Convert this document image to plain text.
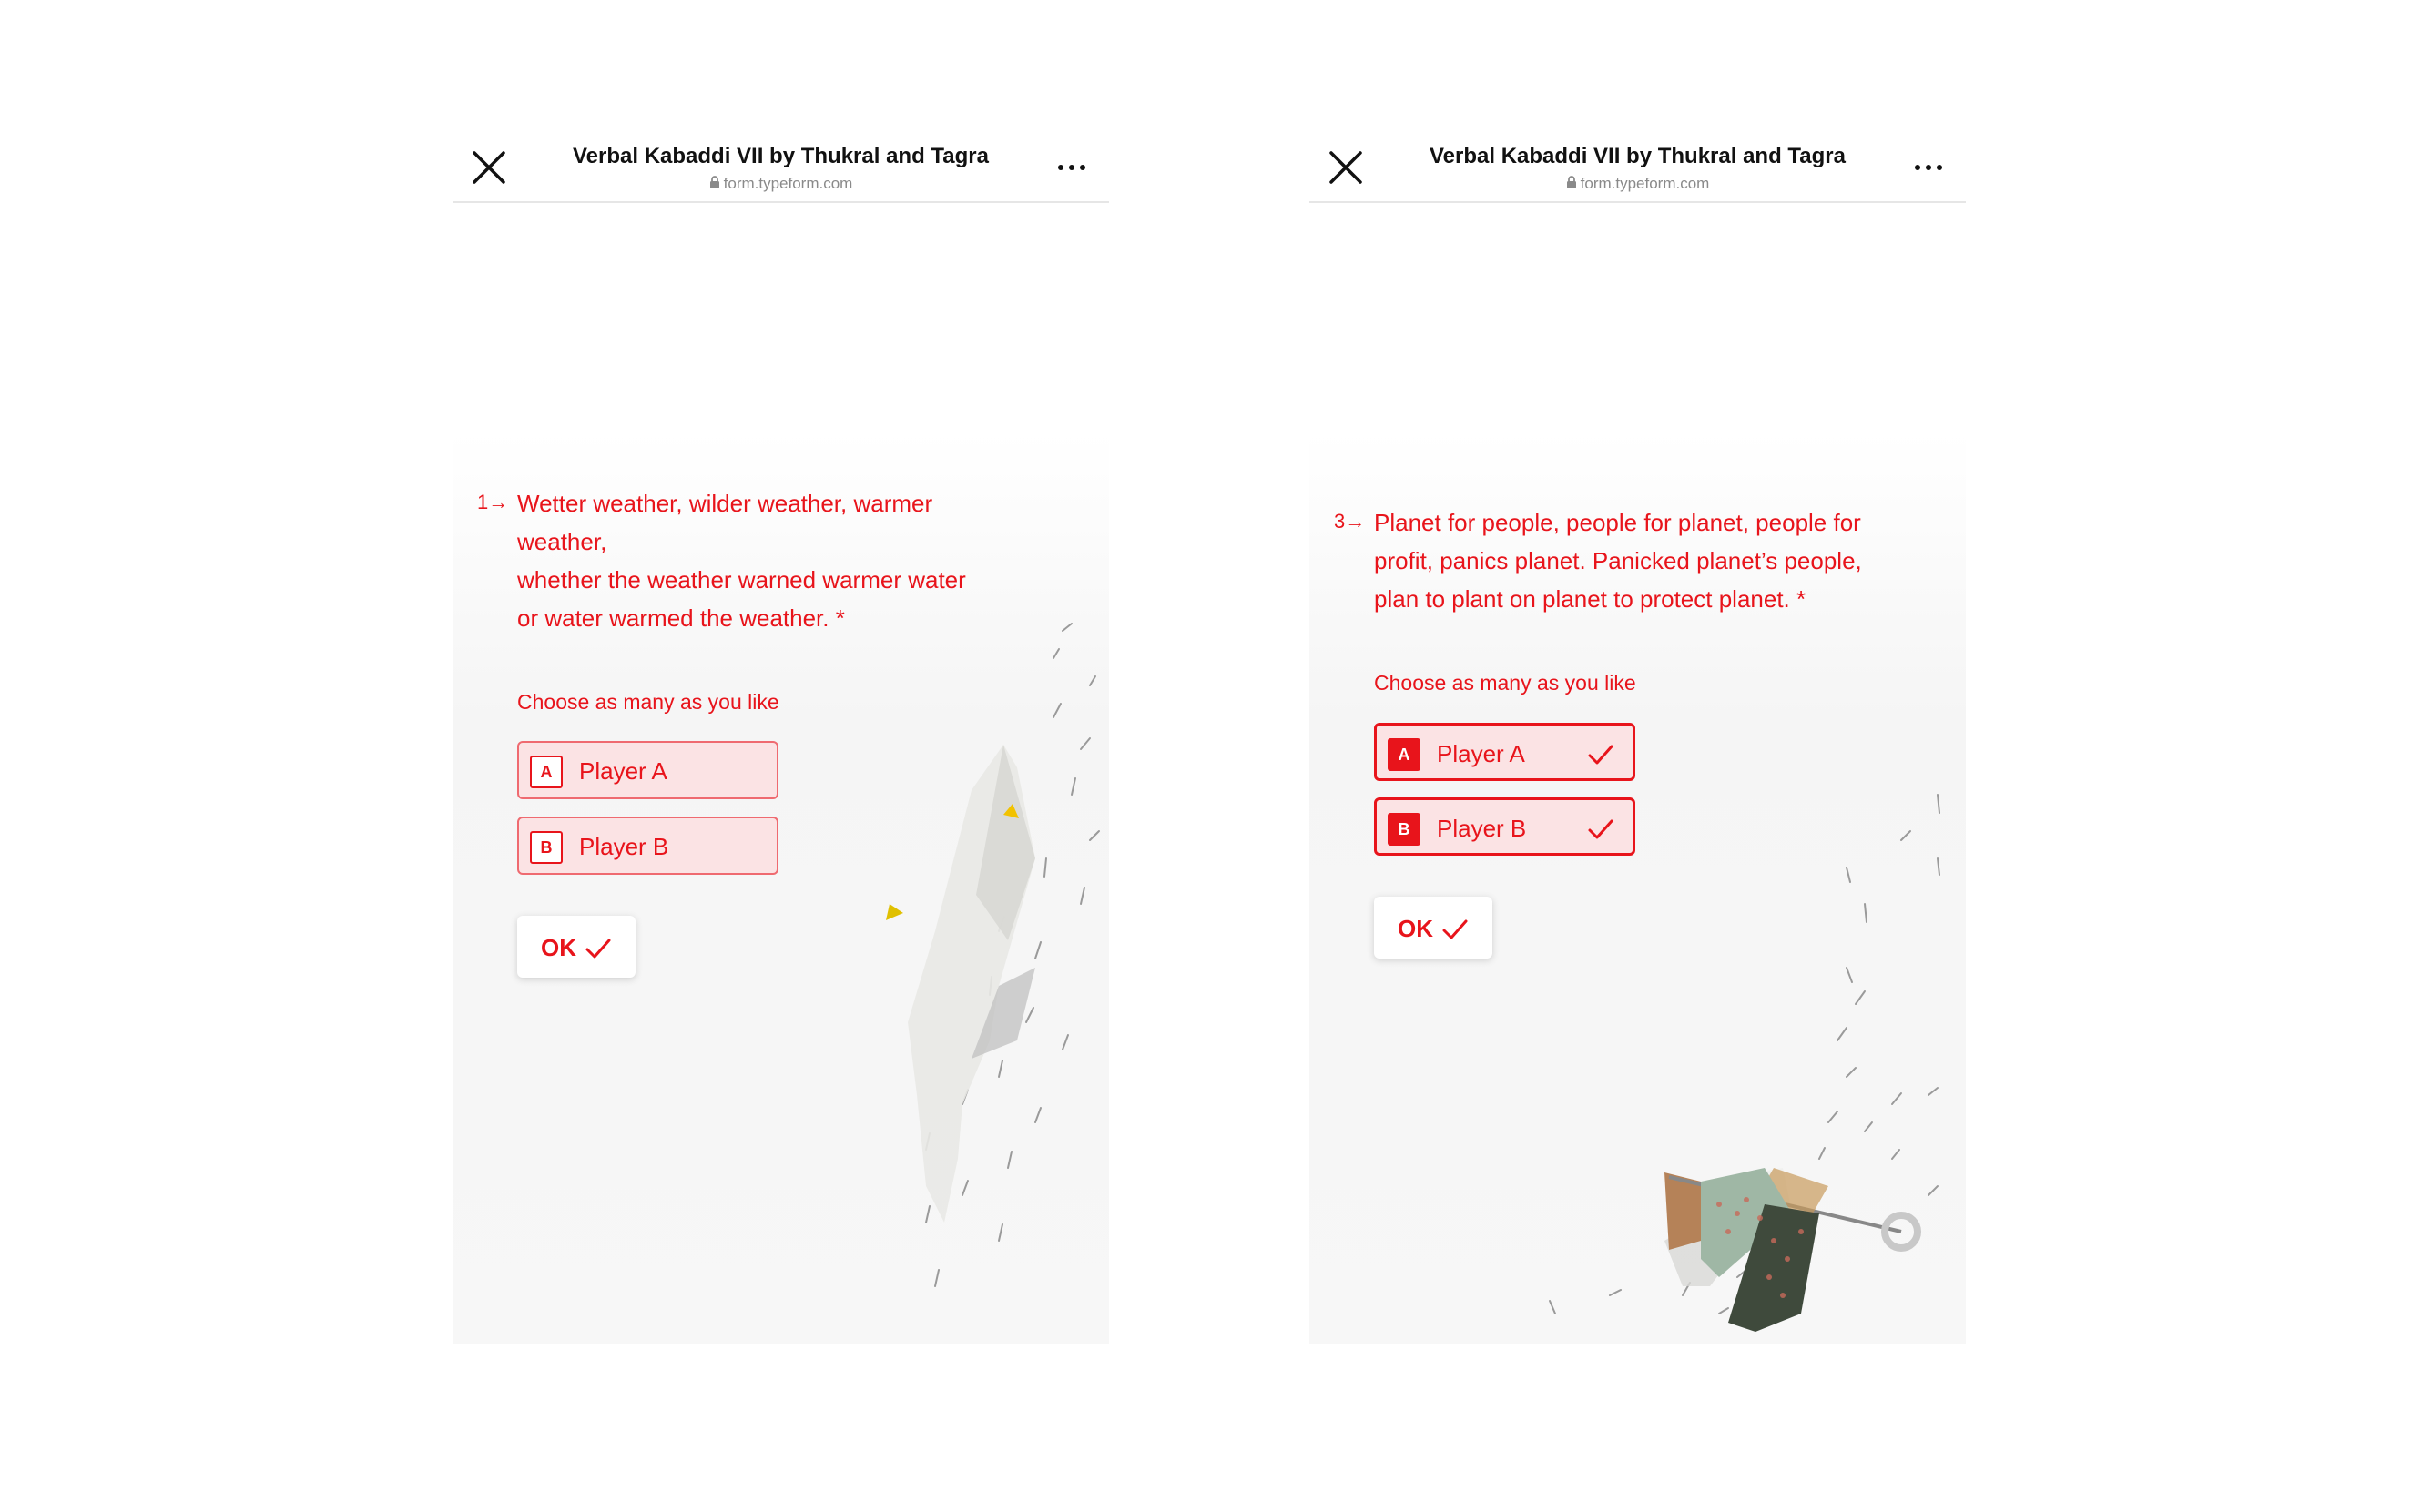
Verbal Kabaddi VII by Thukral and Tagra
form.typeform.com
1→ Wetter weather, wilder weather, warmer
weather,
whether the weather warned warmer water
or water warmed the weather. *
Choose as many as you like
A	Player A
B	Player B
OK
Verbal Kabaddi VII by Thukral and Tagra
form.typeform.com
3→ Planet for people, people for planet, people for
profit, panics planet. Panicked planet’s people,
plan to plant on planet to protect planet. *
Choose as many as you like
A	Player A
B	Player B
OK
